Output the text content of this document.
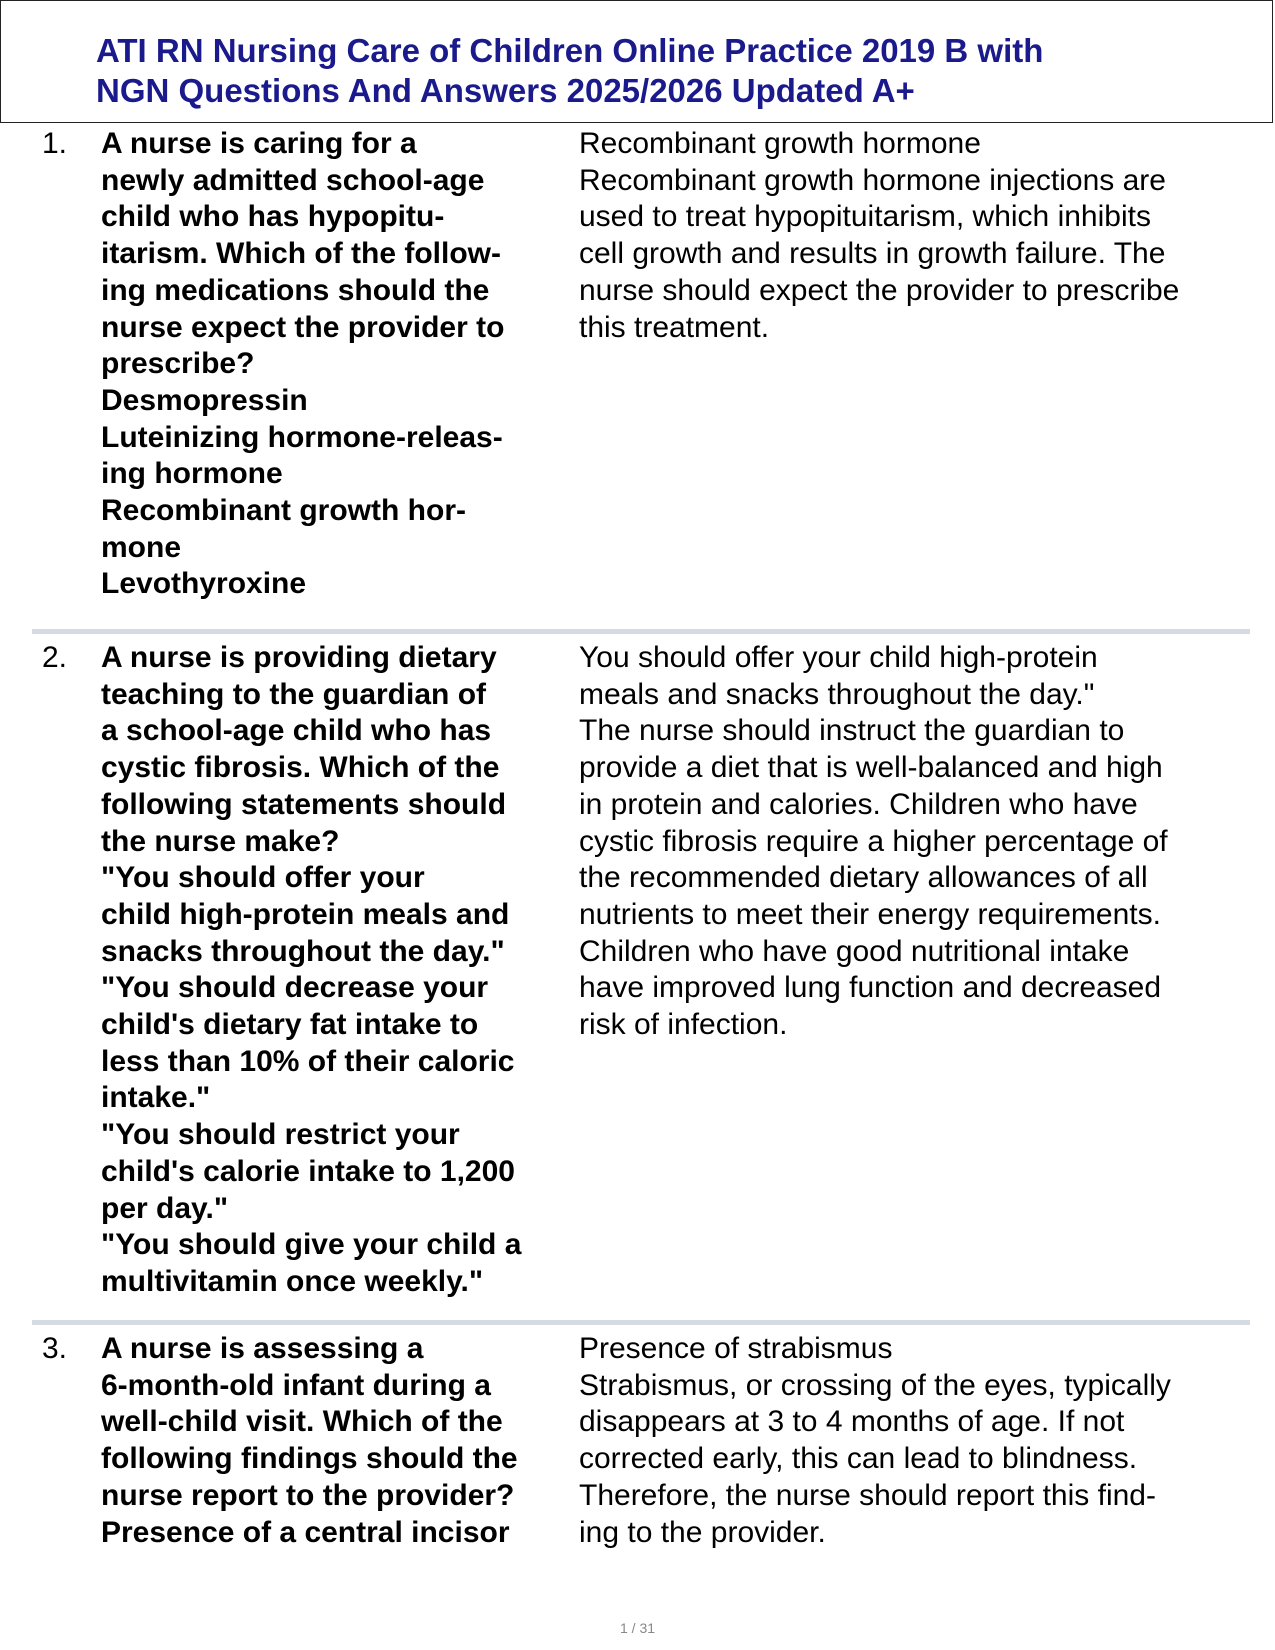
ATI RN Nursing Care of Children Online Practice 2019 B with
NGN Questions And Answers 2025/2026 Updated A+
1. A nurse is caring for a
newly admitted school-age
child who has hypopitu-
itarism. Which of the follow-
ing medications should the
nurse expect the provider to
prescribe?
Desmopressin
Luteinizing hormone-releas-
ing hormone
Recombinant growth hor-
mone
Levothyroxine
Recombinant growth hormone
Recombinant growth hormone injections are
used to treat hypopituitarism, which inhibits
cell growth and results in growth failure. The
nurse should expect the provider to prescribe
this treatment.
2. A nurse is providing dietary
teaching to the guardian of
a school-age child who has
cystic fibrosis. Which of the
following statements should
the nurse make?
"You should offer your
child high-protein meals and
snacks throughout the day."
"You should decrease your
child's dietary fat intake to
less than 10% of their caloric
intake."
"You should restrict your
child's calorie intake to 1,200
per day."
"You should give your child a
multivitamin once weekly."
You should offer your child high-protein
meals and snacks throughout the day."
The nurse should instruct the guardian to
provide a diet that is well-balanced and high
in protein and calories. Children who have
cystic fibrosis require a higher percentage of
the recommended dietary allowances of all
nutrients to meet their energy requirements.
Children who have good nutritional intake
have improved lung function and decreased
risk of infection.
3. A nurse is assessing a
6-month-old infant during a
well-child visit. Which of the
following findings should the
nurse report to the provider?
Presence of a central incisor
Presence of strabismus
Strabismus, or crossing of the eyes, typically
disappears at 3 to 4 months of age. If not
corrected early, this can lead to blindness.
Therefore, the nurse should report this find-
ing to the provider.
1 / 31
